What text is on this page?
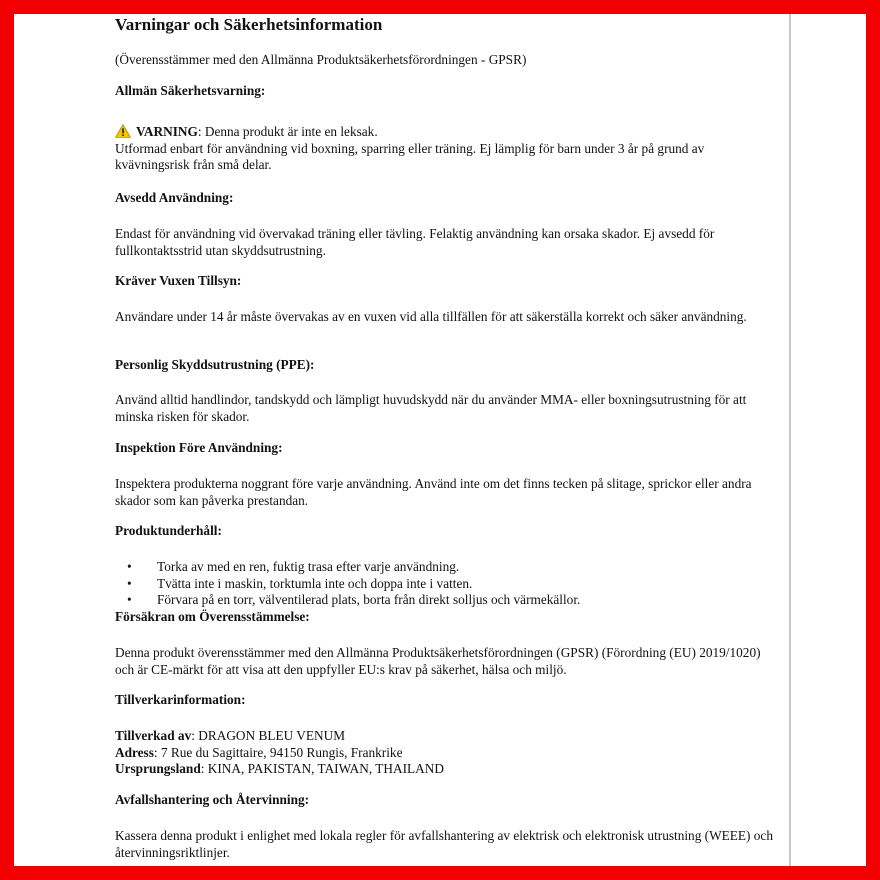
Varningar och Säkerhetsinformation

(Överensstämmer med den Allmänna Produktsäkerhetsförordningen - GPSR)

Allmän Säkerhetsvarning:

VARNING: Denna produkt är inte en leksak.

Utformad enbart för användning vid boxning, sparring eller träning. Ej lämplig för barn under 3 år på grund av kvävningsrisk från små delar.

Avsedd Användning:

Endast för användning vid övervakad träning eller tävling. Felaktig användning kan orsaka skador. Ej avsedd för fullkontaktsstrid utan skyddsutrustning.

Kräver Vuxen Tillsyn:

Användare under 14 år måste övervakas av en vuxen vid alla tillfällen för att säkerställa korrekt och säker användning.

Personlig Skyddsutrustning (PPE):

Använd alltid handlindor, tandskydd och lämpligt huvudskydd när du använder MMA- eller boxningsutrustning för att minska risken för skador.

Inspektion Före Användning:

Inspektera produkterna noggrant före varje användning. Använd inte om det finns tecken på slitage, sprickor eller andra skador som kan påverka prestandan.

Produktunderhåll:

• Torka av med en ren, fuktig trasa efter varje användning.
• Tvätta inte i maskin, torktumla inte och doppa inte i vatten.
• Förvara på en torr, välventilerad plats, borta från direkt solljus och värmekällor.

Försäkran om Överensstämmelse:

Denna produkt överensstämmer med den Allmänna Produktsäkerhetsförordningen (GPSR) (Förordning (EU) 2019/1020) och är CE-märkt för att visa att den uppfyller EU:s krav på säkerhet, hälsa och miljö.

Tillverkarinformation:

Tillverkad av: DRAGON BLEU VENUM

Adress: 7 Rue du Sagittaire, 94150 Rungis, Frankrike

Ursprungsland: KINA, PAKISTAN, TAIWAN, THAILAND

Avfallshantering och Återvinning:

Kassera denna produkt i enlighet med lokala regler för avfallshantering av elektrisk och elektronisk utrustning (WEEE) och återvinningsriktlinjer.
